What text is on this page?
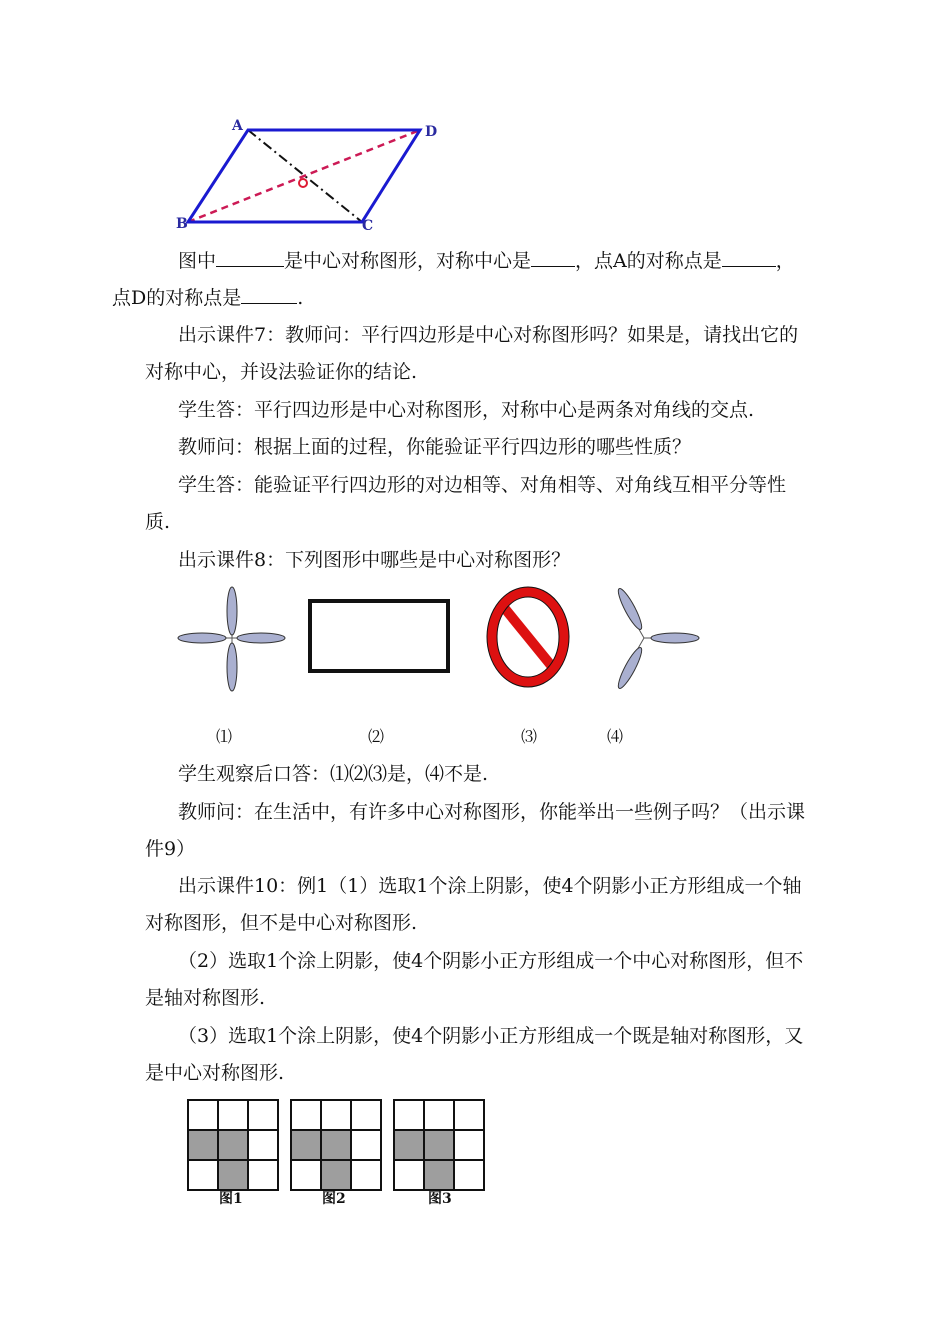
A	D
B	C
图中	是中心对称图形，对称中心是 ，点A的对称点是	，
点D的对称点是	.

出示课件7：教师问：平行四边形是中心对称图形吗？如果是，请找出它的对称中心，并设法验证你的结论.

学生答：平行四边形是中心对称图形，对称中心是两条对角线的交点.

教师问：根据上面的过程，你能验证平行四边形的哪些性质？

学生答：能验证平行四边形的对边相等、对角相等、对角线互相平分等性质.

出示课件8：下列图形中哪些是中心对称图形？

⑴	⑵	⑶	⑷

学生观察后口答：⑴⑵⑶是，⑷不是.

教师问：在生活中，有许多中心对称图形，你能举出一些例子吗？（出示课件9）

出示课件10：例1（1）选取1个涂上阴影，使4个阴影小正方形组成一个轴对称图形，但不是中心对称图形.

（2）选取1个涂上阴影，使4个阴影小正方形组成一个中心对称图形，但不是轴对称图形.

（3）选取1个涂上阴影，使4个阴影小正方形组成一个既是轴对称图形，又是中心对称图形.

图1	图2	图3
